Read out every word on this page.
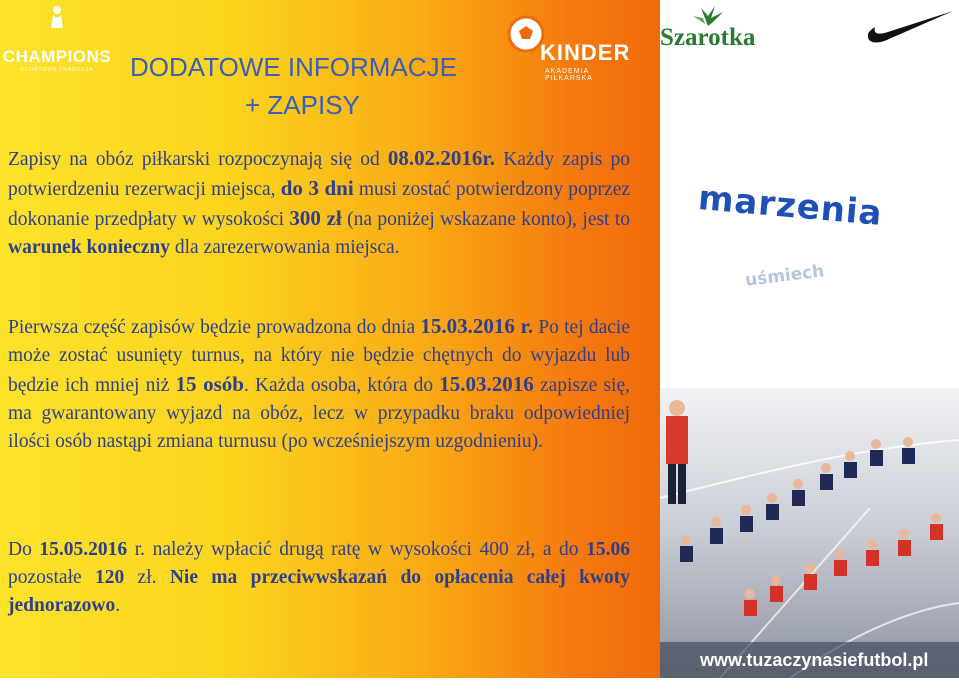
CHAMPIONS
SPORTOWA TRADYCJA
KINDER
AKADEMIA PIŁKARSKA
DODATOWE INFORMACJE
+ ZAPISY
Zapisy na obóz piłkarski rozpoczynają się od 08.02.2016r. Każdy zapis po potwierdzeniu rezerwacji miejsca, do 3 dni musi zostać potwierdzony poprzez dokonanie przedpłaty w wysokości 300 zł (na poniżej wskazane konto), jest to warunek konieczny dla zarezerwowania miejsca.
Pierwsza część zapisów będzie prowadzona do dnia 15.03.2016 r. Po tej dacie może zostać usunięty turnus, na który nie będzie chętnych do wyjazdu lub będzie ich mniej niż 15 osób. Każda osoba, która do 15.03.2016 zapisze się, ma gwarantowany wyjazd na obóz, lecz w przypadku braku odpowiedniej ilości osób nastąpi zmiana turnusu (po wcześniejszym uzgodnieniu).
Do 15.05.2016 r. należy wpłacić drugą ratę w wysokości 400 zł, a do 15.06 pozostałe 120 zł. Nie ma przeciwwskazań do opłacenia całej kwoty jednorazowo.
Szarotka
marzenia
uśmiech
www.tuzaczynasiefutbol.pl
